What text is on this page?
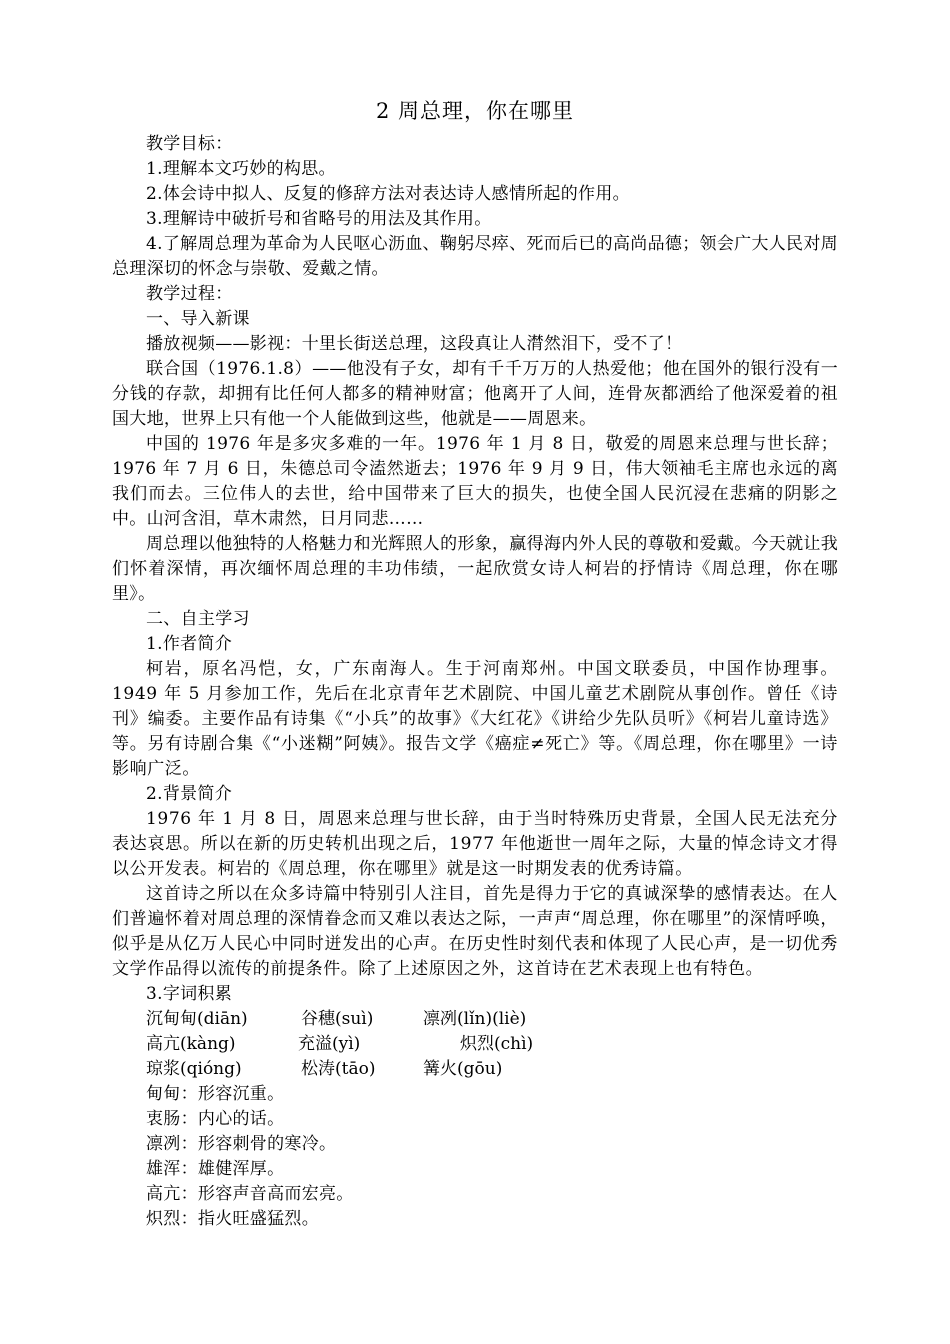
2 周总理，你在哪里

教学目标：

1.理解本文巧妙的构思。

2.体会诗中拟人、反复的修辞方法对表达诗人感情所起的作用。

3.理解诗中破折号和省略号的用法及其作用。

4.了解周总理为革命为人民呕心沥血、鞠躬尽瘁、死而后已的高尚品德；领会广大人民对周总理深切的怀念与崇敬、爱戴之情。

教学过程：

一、导入新课

播放视频——影视：十里长街送总理，这段真让人潸然泪下，受不了！

联合国（1976.1.8）——他没有子女，却有千千万万的人热爱他；他在国外的银行没有一分钱的存款，却拥有比任何人都多的精神财富；他离开了人间，连骨灰都洒给了他深爱着的祖国大地，世界上只有他一个人能做到这些，他就是——周恩来。

中国的 1976 年是多灾多难的一年。1976 年 1 月 8 日，敬爱的周恩来总理与世长辞；1976 年 7 月 6 日，朱德总司令溘然逝去；1976 年 9 月 9 日，伟大领袖毛主席也永远的离我们而去。三位伟人的去世，给中国带来了巨大的损失，也使全国人民沉浸在悲痛的阴影之中。山河含泪，草木肃然，日月同悲……

周总理以他独特的人格魅力和光辉照人的形象，赢得海内外人民的尊敬和爱戴。今天就让我们怀着深情，再次缅怀周总理的丰功伟绩，一起欣赏女诗人柯岩的抒情诗《周总理，你在哪里》。

二、自主学习

1.作者简介

柯岩，原名冯恺，女，广东南海人。生于河南郑州。中国文联委员，中国作协理事。1949 年 5 月参加工作，先后在北京青年艺术剧院、中国儿童艺术剧院从事创作。曾任《诗刊》编委。主要作品有诗集《“小兵”的故事》《大红花》《讲给少先队员听》《柯岩儿童诗选》等。另有诗剧合集《“小迷糊”阿姨》。报告文学《癌症≠死亡》等。《周总理，你在哪里》一诗影响广泛。

2.背景简介

1976 年 1 月 8 日，周恩来总理与世长辞，由于当时特殊历史背景，全国人民无法充分表达哀思。所以在新的历史转机出现之后，1977 年他逝世一周年之际，大量的悼念诗文才得以公开发表。柯岩的《周总理，你在哪里》就是这一时期发表的优秀诗篇。

这首诗之所以在众多诗篇中特别引人注目，首先是得力于它的真诚深挚的感情表达。在人们普遍怀着对周总理的深情眷念而又难以表达之际，一声声“周总理，你在哪里”的深情呼唤，似乎是从亿万人民心中同时迸发出的心声。在历史性时刻代表和体现了人民心声，是一切优秀文学作品得以流传的前提条件。除了上述原因之外，这首诗在艺术表现上也有特色。

3.字词积累

沉甸甸(diān)	谷穗(suì)	凛冽(lǐn)(liè)
高亢(kàng)	充溢(yì)	炽烈(chì)
琼浆(qióng)	松涛(tāo)	篝火(gōu)

甸甸：形容沉重。

衷肠：内心的话。

凛冽：形容刺骨的寒冷。

雄浑：雄健浑厚。

高亢：形容声音高而宏亮。

炽烈：指火旺盛猛烈。
